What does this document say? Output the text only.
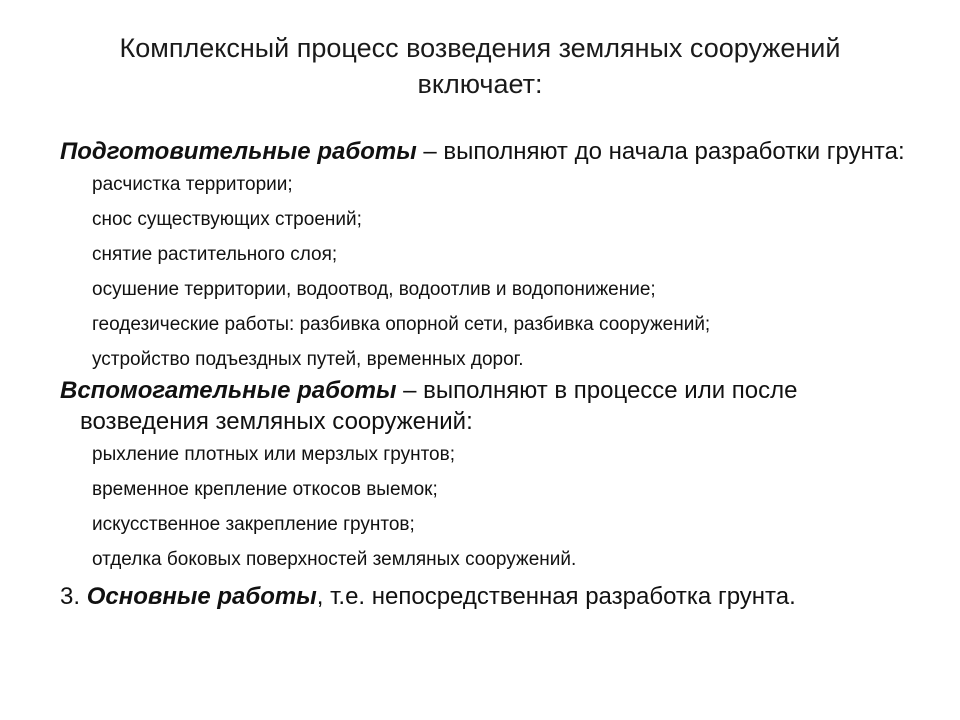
Комплексный процесс возведения земляных сооружений
включает:

Подготовительные работы – выполняют до начала разработки грунта:

расчистка территории;
снос существующих строений;
снятие растительного слоя;
осушение территории, водоотвод, водоотлив и водопонижение;
геодезические работы: разбивка опорной сети, разбивка сооружений;
устройство подъездных путей, временных дорог.

Вспомогательные работы – выполняют в процессе или после возведения земляных сооружений:

рыхление плотных или мерзлых грунтов;
временное крепление откосов выемок;
искусственное закрепление грунтов;
отделка боковых поверхностей земляных сооружений.

3. Основные работы, т.е. непосредственная разработка грунта.
